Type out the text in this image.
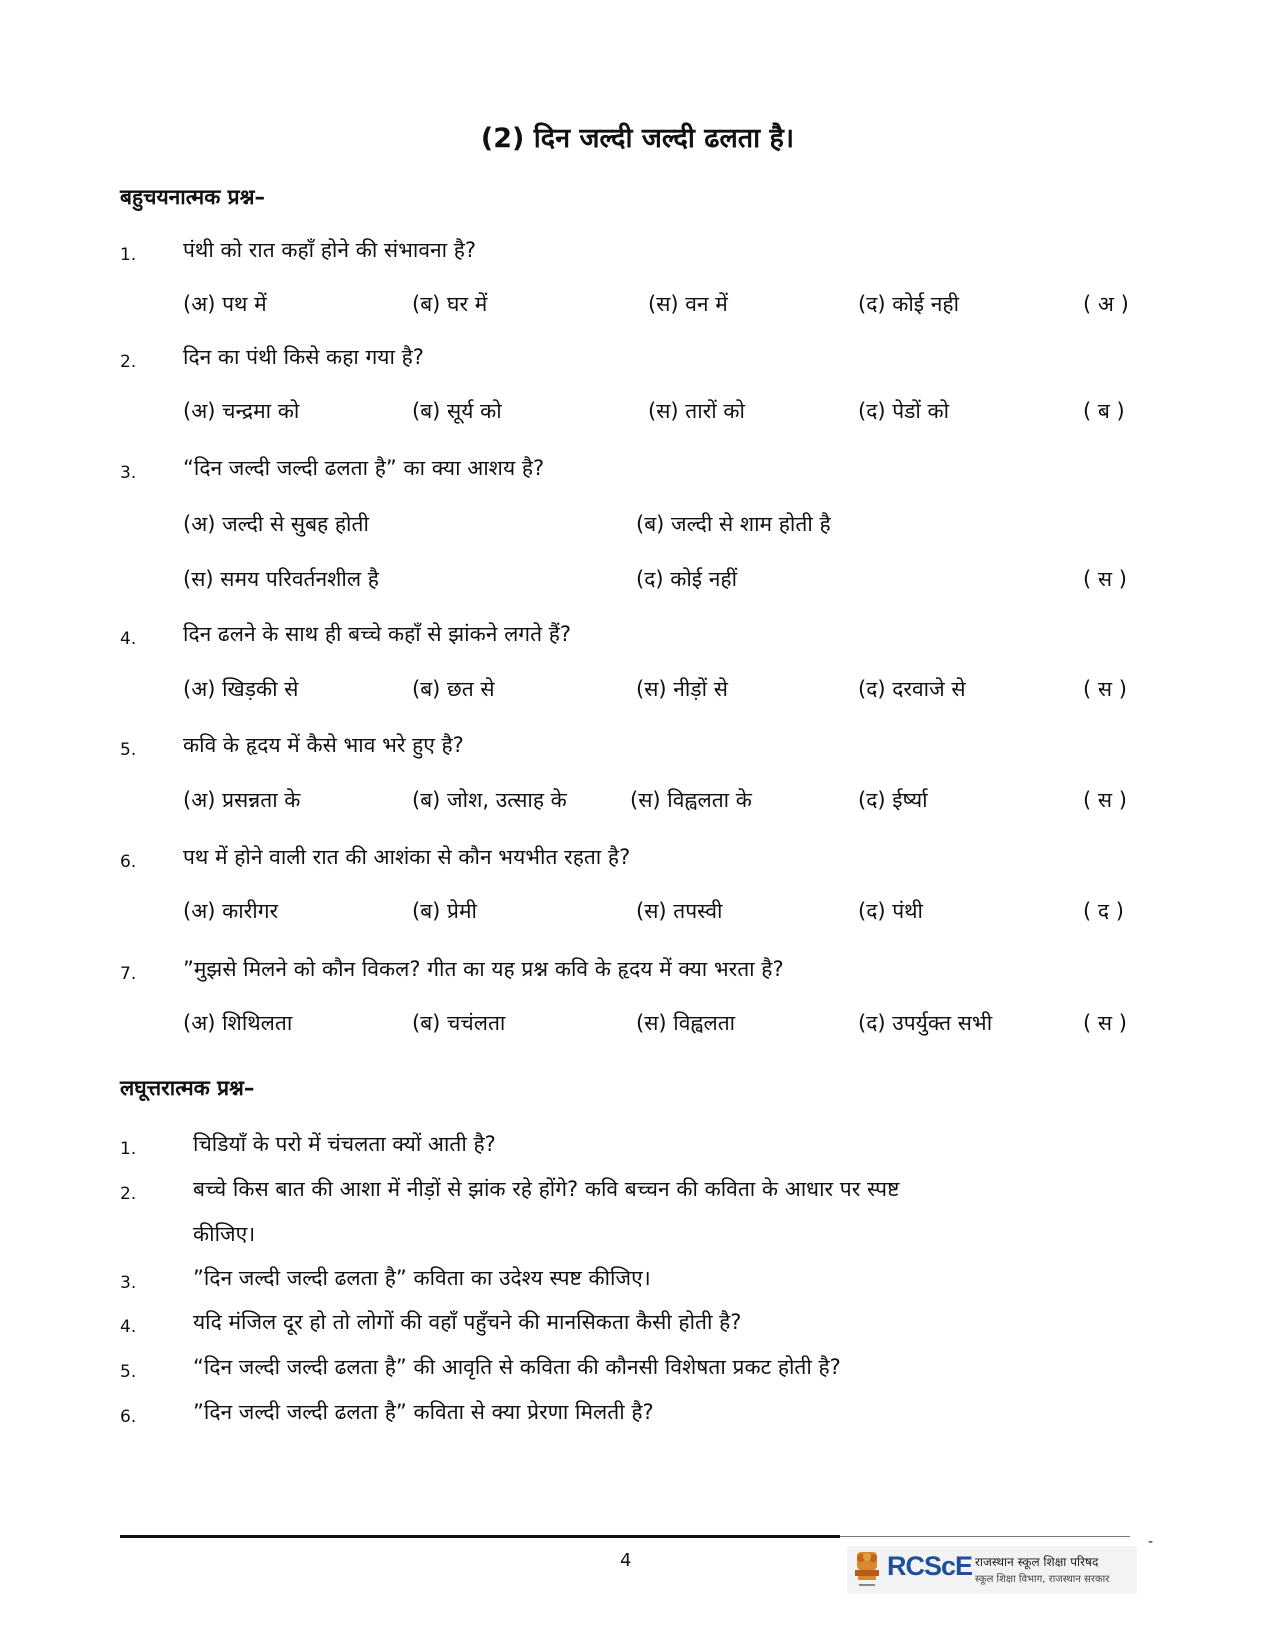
(2) दिन जल्दी जल्दी ढलता है।
बहुचयनात्मक प्रश्न–
1. पंथी को रात कहाँ होने की संभावना है?
(अ) पथ में	(ब) घर में	(स) वन में	(द) कोई नही	( अ )
2. दिन का पंथी किसे कहा गया है?
(अ) चन्द्रमा को	(ब) सूर्य को	(स) तारों को	(द) पेडों को	( ब )
3. “दिन जल्दी जल्दी ढलता है” का क्या आशय है?
(अ) जल्दी से सुबह होती	(ब) जल्दी से शाम होती है
(स) समय परिवर्तनशील है	(द) कोई नहीं	( स )
4. दिन ढलने के साथ ही बच्चे कहाँ से झांकने लगते हैं?
(अ) खिड़की से	(ब) छत से	(स) नीड़ों से	(द) दरवाजे से	( स )
5. कवि के हृदय में कैसे भाव भरे हुए है?
(अ) प्रसन्नता के	(ब) जोश, उत्साह के	(स) विह्वलता के	(द) ईर्ष्या	( स )
6. पथ में होने वाली रात की आशंका से कौन भयभीत रहता है?
(अ) कारीगर	(ब) प्रेमी	(स) तपस्वी	(द) पंथी	( द )
7. ”मुझसे मिलने को कौन विकल? गीत का यह प्रश्न कवि के हृदय में क्या भरता है?
(अ) शिथिलता	(ब) चचंलता	(स) विह्वलता	(द) उपर्युक्त सभी	( स )
लघूत्तरात्मक प्रश्न–
1.	चिडियाँ के परो में चंचलता क्यों आती है?
2.	बच्चे किस बात की आशा में नीड़ों से झांक रहे होंगे? कवि बच्चन की कविता के आधार पर स्पष्ट
कीजिए।
3.	”दिन जल्दी जल्दी ढलता है” कविता का उदेश्य स्पष्ट कीजिए।
4.	यदि मंजिल दूर हो तो लोगों की वहाँ पहुँचने की मानसिकता कैसी होती है?
5.	“दिन जल्दी जल्दी ढलता है” की आवृति से कविता की कौनसी विशेषता प्रकट होती है?
6.	”दिन जल्दी जल्दी ढलता है” कविता से क्या प्रेरणा मिलती है?
-
4	RCScE राजस्थान स्कूल शिक्षा परिषद
स्कूल शिक्षा विभाग, राजस्थान सरकार
